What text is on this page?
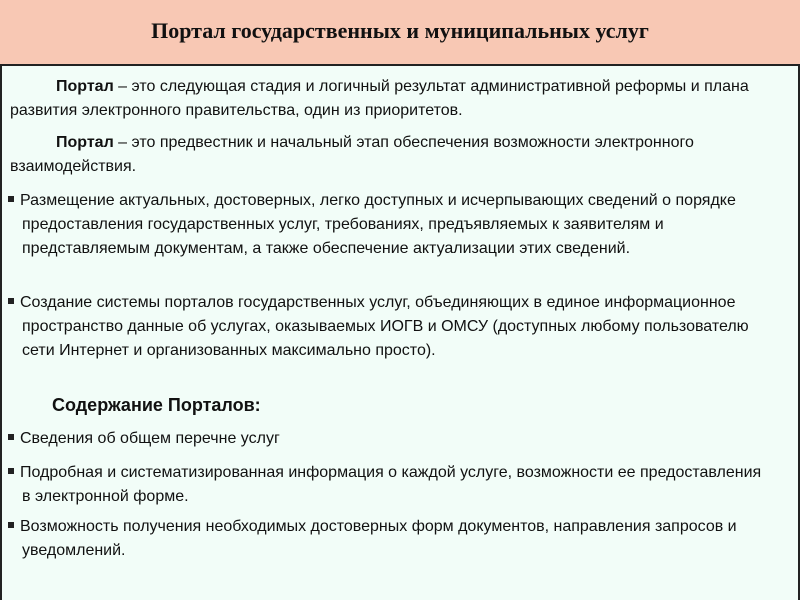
Портал государственных и муниципальных услуг

Портал – это следующая стадия и логичный результат административной реформы и плана развития электронного правительства, один из приоритетов.

Портал – это предвестник и начальный этап обеспечения возможности электронного взаимодействия.

Размещение актуальных, достоверных, легко доступных и исчерпывающих сведений о порядке предоставления государственных услуг, требованиях, предъявляемых к заявителям и представляемым документам, а также обеспечение актуализации этих сведений.
Создание системы порталов государственных услуг, объединяющих в единое информационное пространство данные об услугах, оказываемых ИОГВ и ОМСУ (доступных любому пользователю сети Интернет и организованных максимально просто).
Содержание Порталов:
Сведения об общем перечне услуг
Подробная и систематизированная информация о каждой услуге, возможности ее предоставления в электронной форме.
Возможность получения необходимых достоверных форм документов, направления запросов и уведомлений.
